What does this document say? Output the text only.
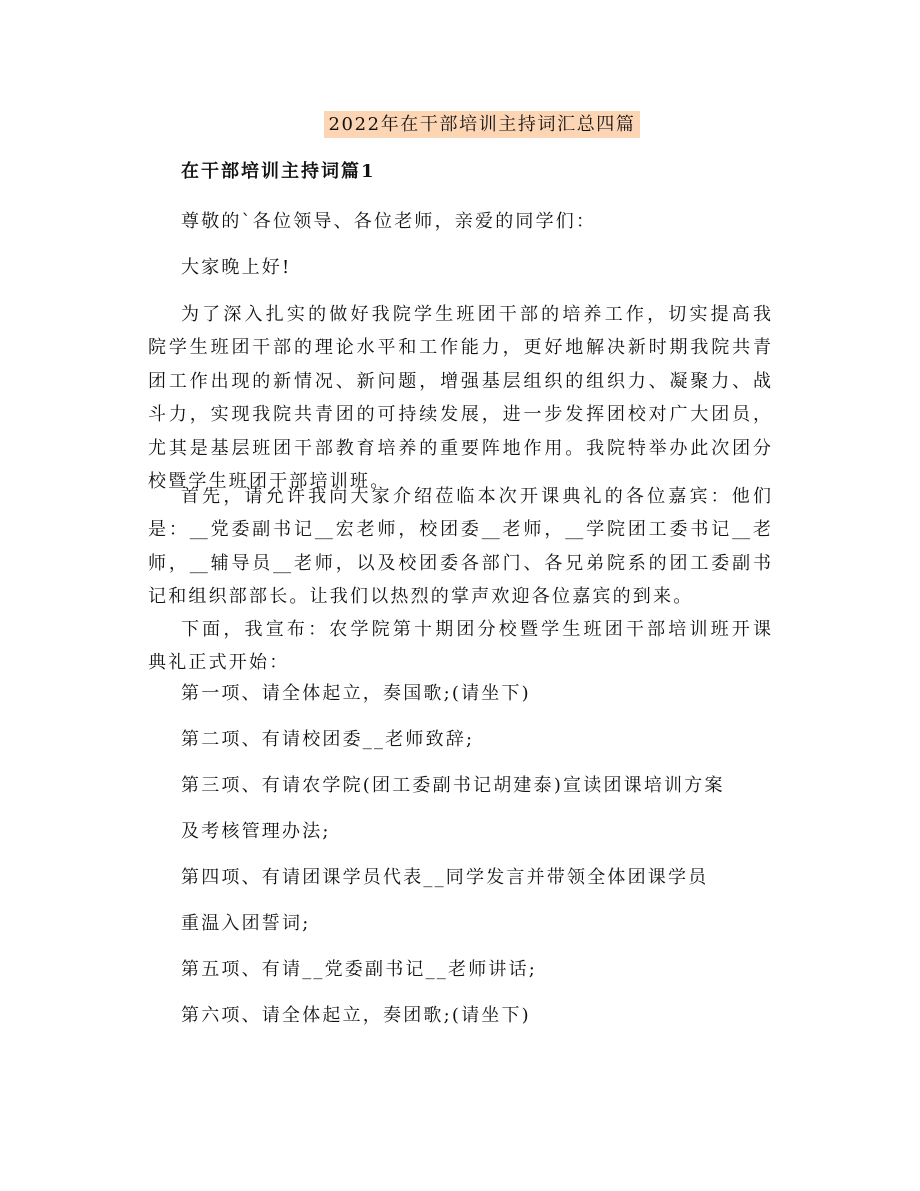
2022年在干部培训主持词汇总四篇
在干部培训主持词篇1
尊敬的`各位领导、各位老师，亲爱的同学们：
大家晚上好!
为了深入扎实的做好我院学生班团干部的培养工作，切实提高我
院学生班团干部的理论水平和工作能力，更好地解决新时期我院共青
团工作出现的新情况、新问题，增强基层组织的组织力、凝聚力、战
斗力，实现我院共青团的可持续发展，进一步发挥团校对广大团员，
尤其是基层班团干部教育培养的重要阵地作用。我院特举办此次团分
校暨学生班团干部培训班。
首先，请允许我向大家介绍莅临本次开课典礼的各位嘉宾：他们
是：__党委副书记__宏老师，校团委__老师，__学院团工委书记__老
师，__辅导员__老师，以及校团委各部门、各兄弟院系的团工委副书
记和组织部部长。让我们以热烈的掌声欢迎各位嘉宾的到来。
下面，我宣布：农学院第十期团分校暨学生班团干部培训班开课
典礼正式开始：
第一项、请全体起立，奏国歌;(请坐下)
第二项、有请校团委__老师致辞;
第三项、有请农学院(团工委副书记胡建泰)宣读团课培训方案
及考核管理办法;
第四项、有请团课学员代表__同学发言并带领全体团课学员
重温入团誓词;
第五项、有请__党委副书记__老师讲话;
第六项、请全体起立，奏团歌;(请坐下)
